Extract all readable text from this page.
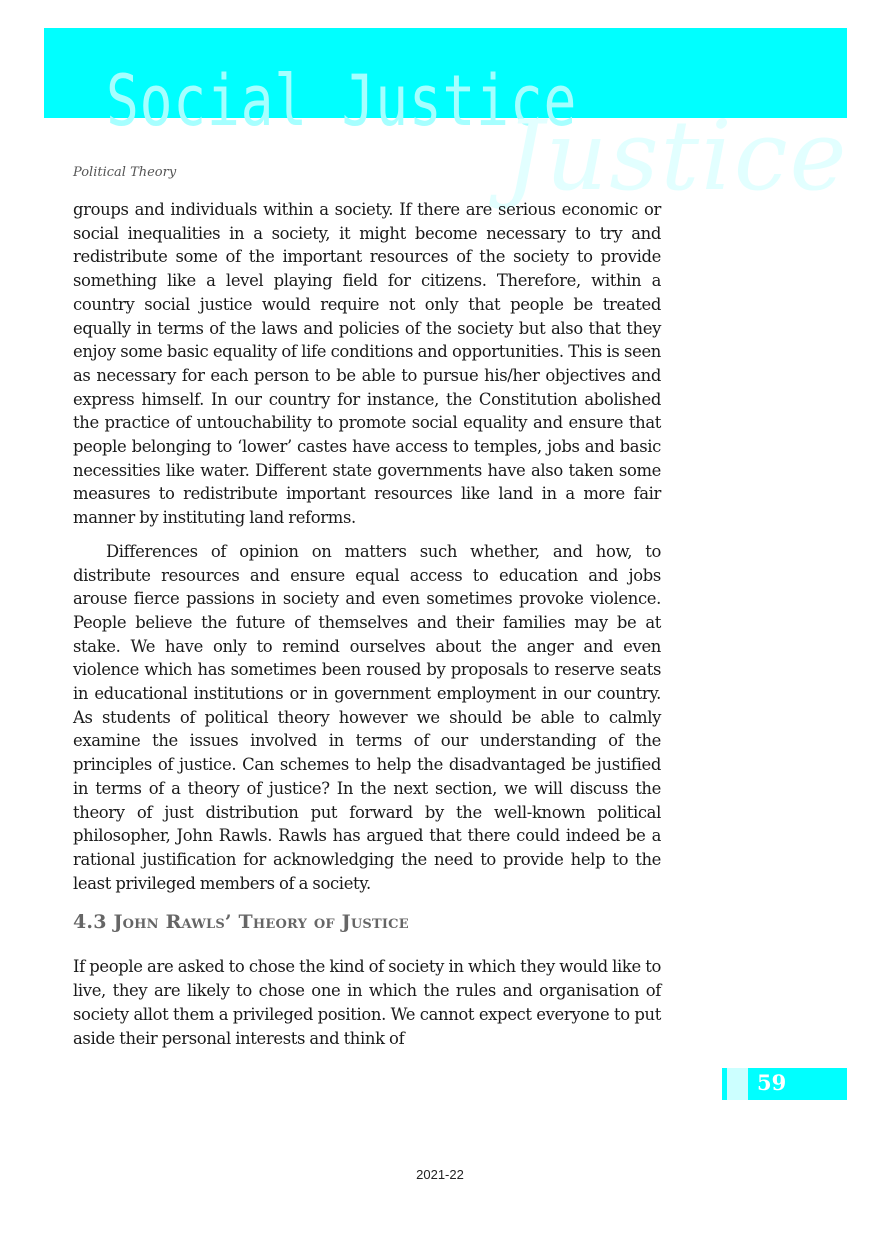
Social Justice
Justice
Political Theory

groups and individuals within a society. If there are serious economic or social inequalities in a society, it might become necessary to try and redistribute some of the important resources of the society to provide something like a level playing field for citizens. Therefore, within a country social justice would require not only that people be treated equally in terms of the laws and policies of the society but also that they enjoy some basic equality of life conditions and opportunities. This is seen as necessary for each person to be able to pursue his/her objectives and express himself. In our country for instance, the Constitution abolished the practice of untouchability to promote social equality and ensure that people belonging to ‘lower’ castes have access to temples, jobs and basic necessities like water. Different state governments have also taken some measures to redistribute important resources like land in a more fair manner by instituting land reforms.

Differences of opinion on matters such whether, and how, to distribute resources and ensure equal access to education and jobs arouse fierce passions in society and even sometimes provoke violence. People believe the future of themselves and their families may be at stake. We have only to remind ourselves about the anger and even violence which has sometimes been roused by proposals to reserve seats in educational institutions or in government employment in our country. As students of political theory however we should be able to calmly examine the issues involved in terms of our understanding of the principles of justice. Can schemes to help the disadvantaged be justified in terms of a theory of justice? In the next section, we will discuss the theory of just distribution put forward by the well-known political philosopher, John Rawls. Rawls has argued that there could indeed be a rational justification for acknowledging the need to provide help to the least privileged members of a society.

4.3 John Rawls’ Theory of Justice

If people are asked to chose the kind of society in which they would like to live, they are likely to chose one in which the rules and organisation of society allot them a privileged position. We cannot expect everyone to put aside their personal interests and think of

59
2021-22
